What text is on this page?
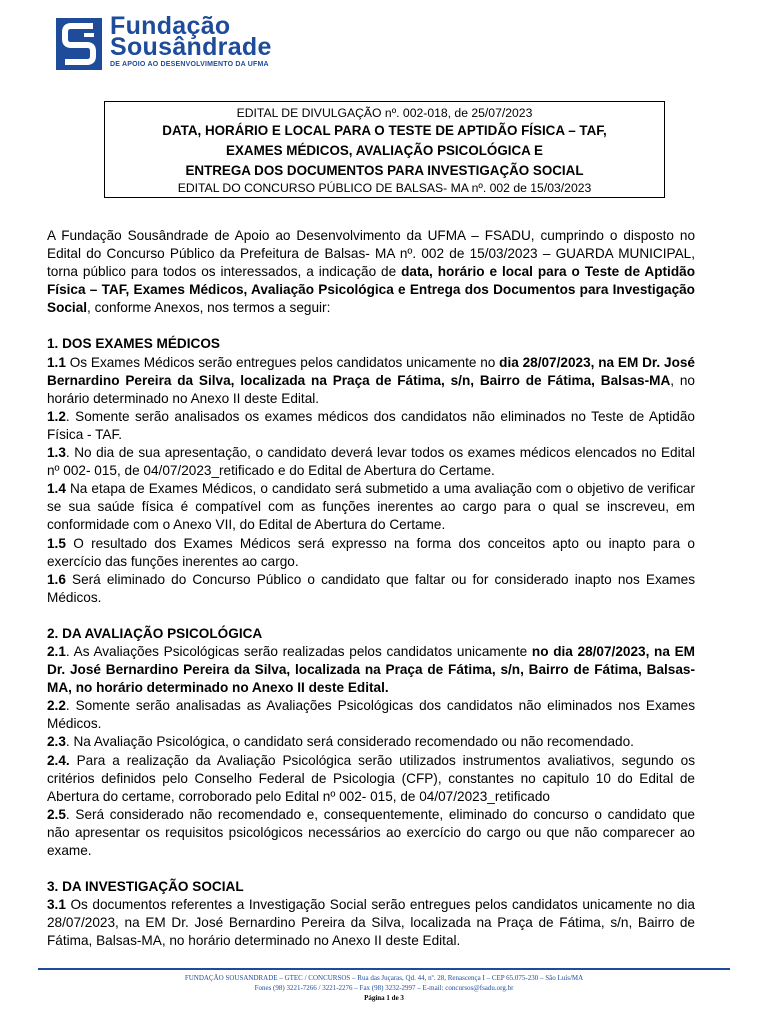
Fundação
Sousândrade
DE APOIO AO DESENVOLVIMENTO DA UFMA
EDITAL DE DIVULGAÇÃO nº. 002-018, de 25/07/2023
DATA, HORÁRIO E LOCAL PARA O TESTE DE APTIDÃO FÍSICA – TAF,
EXAMES MÉDICOS, AVALIAÇÃO PSICOLÓGICA E
ENTREGA DOS DOCUMENTOS PARA INVESTIGAÇÃO SOCIAL
EDITAL DO CONCURSO PÚBLICO DE BALSAS- MA nº. 002 de 15/03/2023

A Fundação Sousândrade de Apoio ao Desenvolvimento da UFMA – FSADU, cumprindo o disposto no Edital do Concurso Público da Prefeitura de Balsas- MA nº. 002 de 15/03/2023 – GUARDA MUNICIPAL, torna público para todos os interessados, a indicação de data, horário e local para o Teste de Aptidão Física – TAF, Exames Médicos, Avaliação Psicológica e Entrega dos Documentos para Investigação Social, conforme Anexos, nos termos a seguir:

1. DOS EXAMES MÉDICOS

1.1 Os Exames Médicos serão entregues pelos candidatos unicamente no dia 28/07/2023, na EM Dr. José Bernardino Pereira da Silva, localizada na Praça de Fátima, s/n, Bairro de Fátima, Balsas-MA, no horário determinado no Anexo II deste Edital.

1.2. Somente serão analisados os exames médicos dos candidatos não eliminados no Teste de Aptidão Física - TAF.

1.3. No dia de sua apresentação, o candidato deverá levar todos os exames médicos elencados no Edital nº 002- 015, de 04/07/2023_retificado e do Edital de Abertura do Certame.

1.4 Na etapa de Exames Médicos, o candidato será submetido a uma avaliação com o objetivo de verificar se sua saúde física é compatível com as funções inerentes ao cargo para o qual se inscreveu, em conformidade com o Anexo VII, do Edital de Abertura do Certame.

1.5 O resultado dos Exames Médicos será expresso na forma dos conceitos apto ou inapto para o exercício das funções inerentes ao cargo.

1.6 Será eliminado do Concurso Público o candidato que faltar ou for considerado inapto nos Exames Médicos.

2. DA AVALIAÇÃO PSICOLÓGICA

2.1. As Avaliações Psicológicas serão realizadas pelos candidatos unicamente no dia 28/07/2023, na EM Dr. José Bernardino Pereira da Silva, localizada na Praça de Fátima, s/n, Bairro de Fátima, Balsas-MA, no horário determinado no Anexo II deste Edital.

2.2. Somente serão analisadas as Avaliações Psicológicas dos candidatos não eliminados nos Exames Médicos.

2.3. Na Avaliação Psicológica, o candidato será considerado recomendado ou não recomendado.

2.4. Para a realização da Avaliação Psicológica serão utilizados instrumentos avaliativos, segundo os critérios definidos pelo Conselho Federal de Psicologia (CFP), constantes no capitulo 10 do Edital de Abertura do certame, corroborado pelo Edital nº 002- 015, de 04/07/2023_retificado

2.5. Será considerado não recomendado e, consequentemente, eliminado do concurso o candidato que não apresentar os requisitos psicológicos necessários ao exercício do cargo ou que não comparecer ao exame.

3. DA INVESTIGAÇÃO SOCIAL

3.1 Os documentos referentes a Investigação Social serão entregues pelos candidatos unicamente no dia 28/07/2023, na EM Dr. José Bernardino Pereira da Silva, localizada na Praça de Fátima, s/n, Bairro de Fátima, Balsas-MA, no horário determinado no Anexo II deste Edital.

FUNDAÇÃO SOUSANDRADE – GTEC / CONCURSOS – Rua das Juçaras, Qd. 44, nº. 28, Renascença I – CEP 65.075-230 – São Luís/MA
Fones (98) 3221-7266 / 3221-2276 – Fax (98) 3232-2997 – E-mail: concursos@fsadu.org.br
Página 1 de 3
